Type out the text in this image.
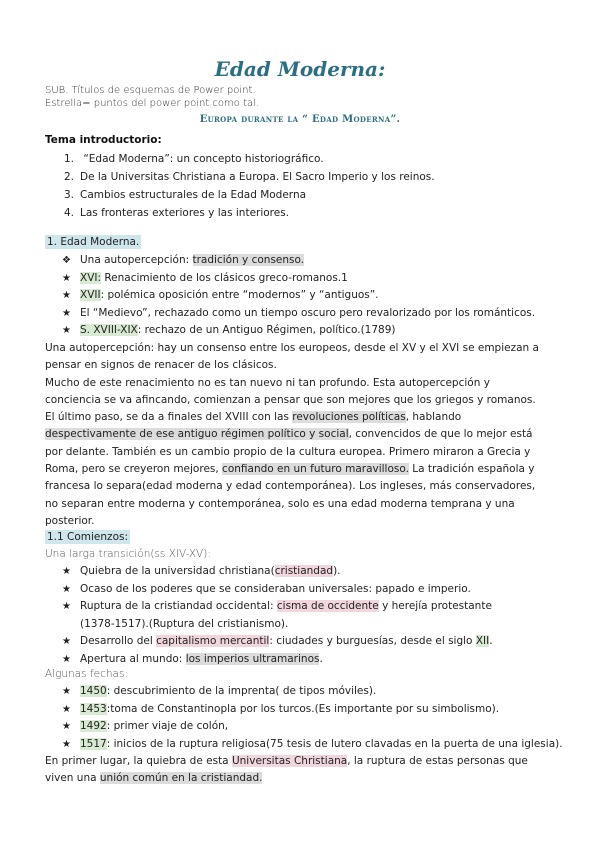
Edad Moderna:
SUB. Títulos de esquemas de Power point.
Estrella= puntos del power point como tal.
Europa durante la “ Edad Moderna”.
Tema introductorio:
1. “Edad Moderna”: un concepto historiográfico.
2. De la Universitas Christiana a Europa. El Sacro Imperio y los reinos.
3. Cambios estructurales de la Edad Moderna
4. Las fronteras exteriores y las interiores.
1. Edad Moderna.
❖ Una autopercepción: tradición y consenso.
★ XVI: Renacimiento de los clásicos greco-romanos.1
★ XVII: polémica oposición entre “modernos” y “antiguos”.
★ El “Medievo”, rechazado como un tiempo oscuro pero revalorizado por los románticos.
★ S. XVIII-XIX: rechazo de un Antiguo Régimen, político.(1789)

Una autopercepción: hay un consenso entre los europeos, desde el XV y el XVI se empiezan a pensar en signos de renacer de los clásicos.

Mucho de este renacimiento no es tan nuevo ni tan profundo. Esta autopercepción y conciencia se va afincando, comienzan a pensar que son mejores que los griegos y romanos.

El último paso, se da a finales del XVIII con las revoluciones políticas, hablando despectivamente de ese antiguo régimen político y social, convencidos de que lo mejor está por delante. También es un cambio propio de la cultura europea. Primero miraron a Grecia y Roma, pero se creyeron mejores, confiando en un futuro maravilloso. La tradición española y francesa lo separa(edad moderna y edad contemporánea). Los ingleses, más conservadores, no separan entre moderna y contemporánea, solo es una edad moderna temprana y una posterior.

1.1 Comienzos:
Una larga transición(ss.XIV-XV):
★ Quiebra de la universidad christiana(cristiandad).
★ Ocaso de los poderes que se consideraban universales: papado e imperio.
★ Ruptura de la cristiandad occidental: cisma de occidente y herejía protestante
(1378-1517).(Ruptura del cristianismo).
★ Desarrollo del capitalismo mercantil: ciudades y burguesías, desde el siglo XII.
★ Apertura al mundo: los imperios ultramarinos.
Algunas fechas:
★ 1450: descubrimiento de la imprenta( de tipos móviles).
★ 1453:toma de Constantinopla por los turcos.(Es importante por su simbolismo).
★ 1492: primer viaje de colón,
★ 1517: inicios de la ruptura religiosa(75 tesis de lutero clavadas en la puerta de una iglesia).

En primer lugar, la quiebra de esta Universitas Christiana, la ruptura de estas personas que viven una unión común en la cristiandad.
